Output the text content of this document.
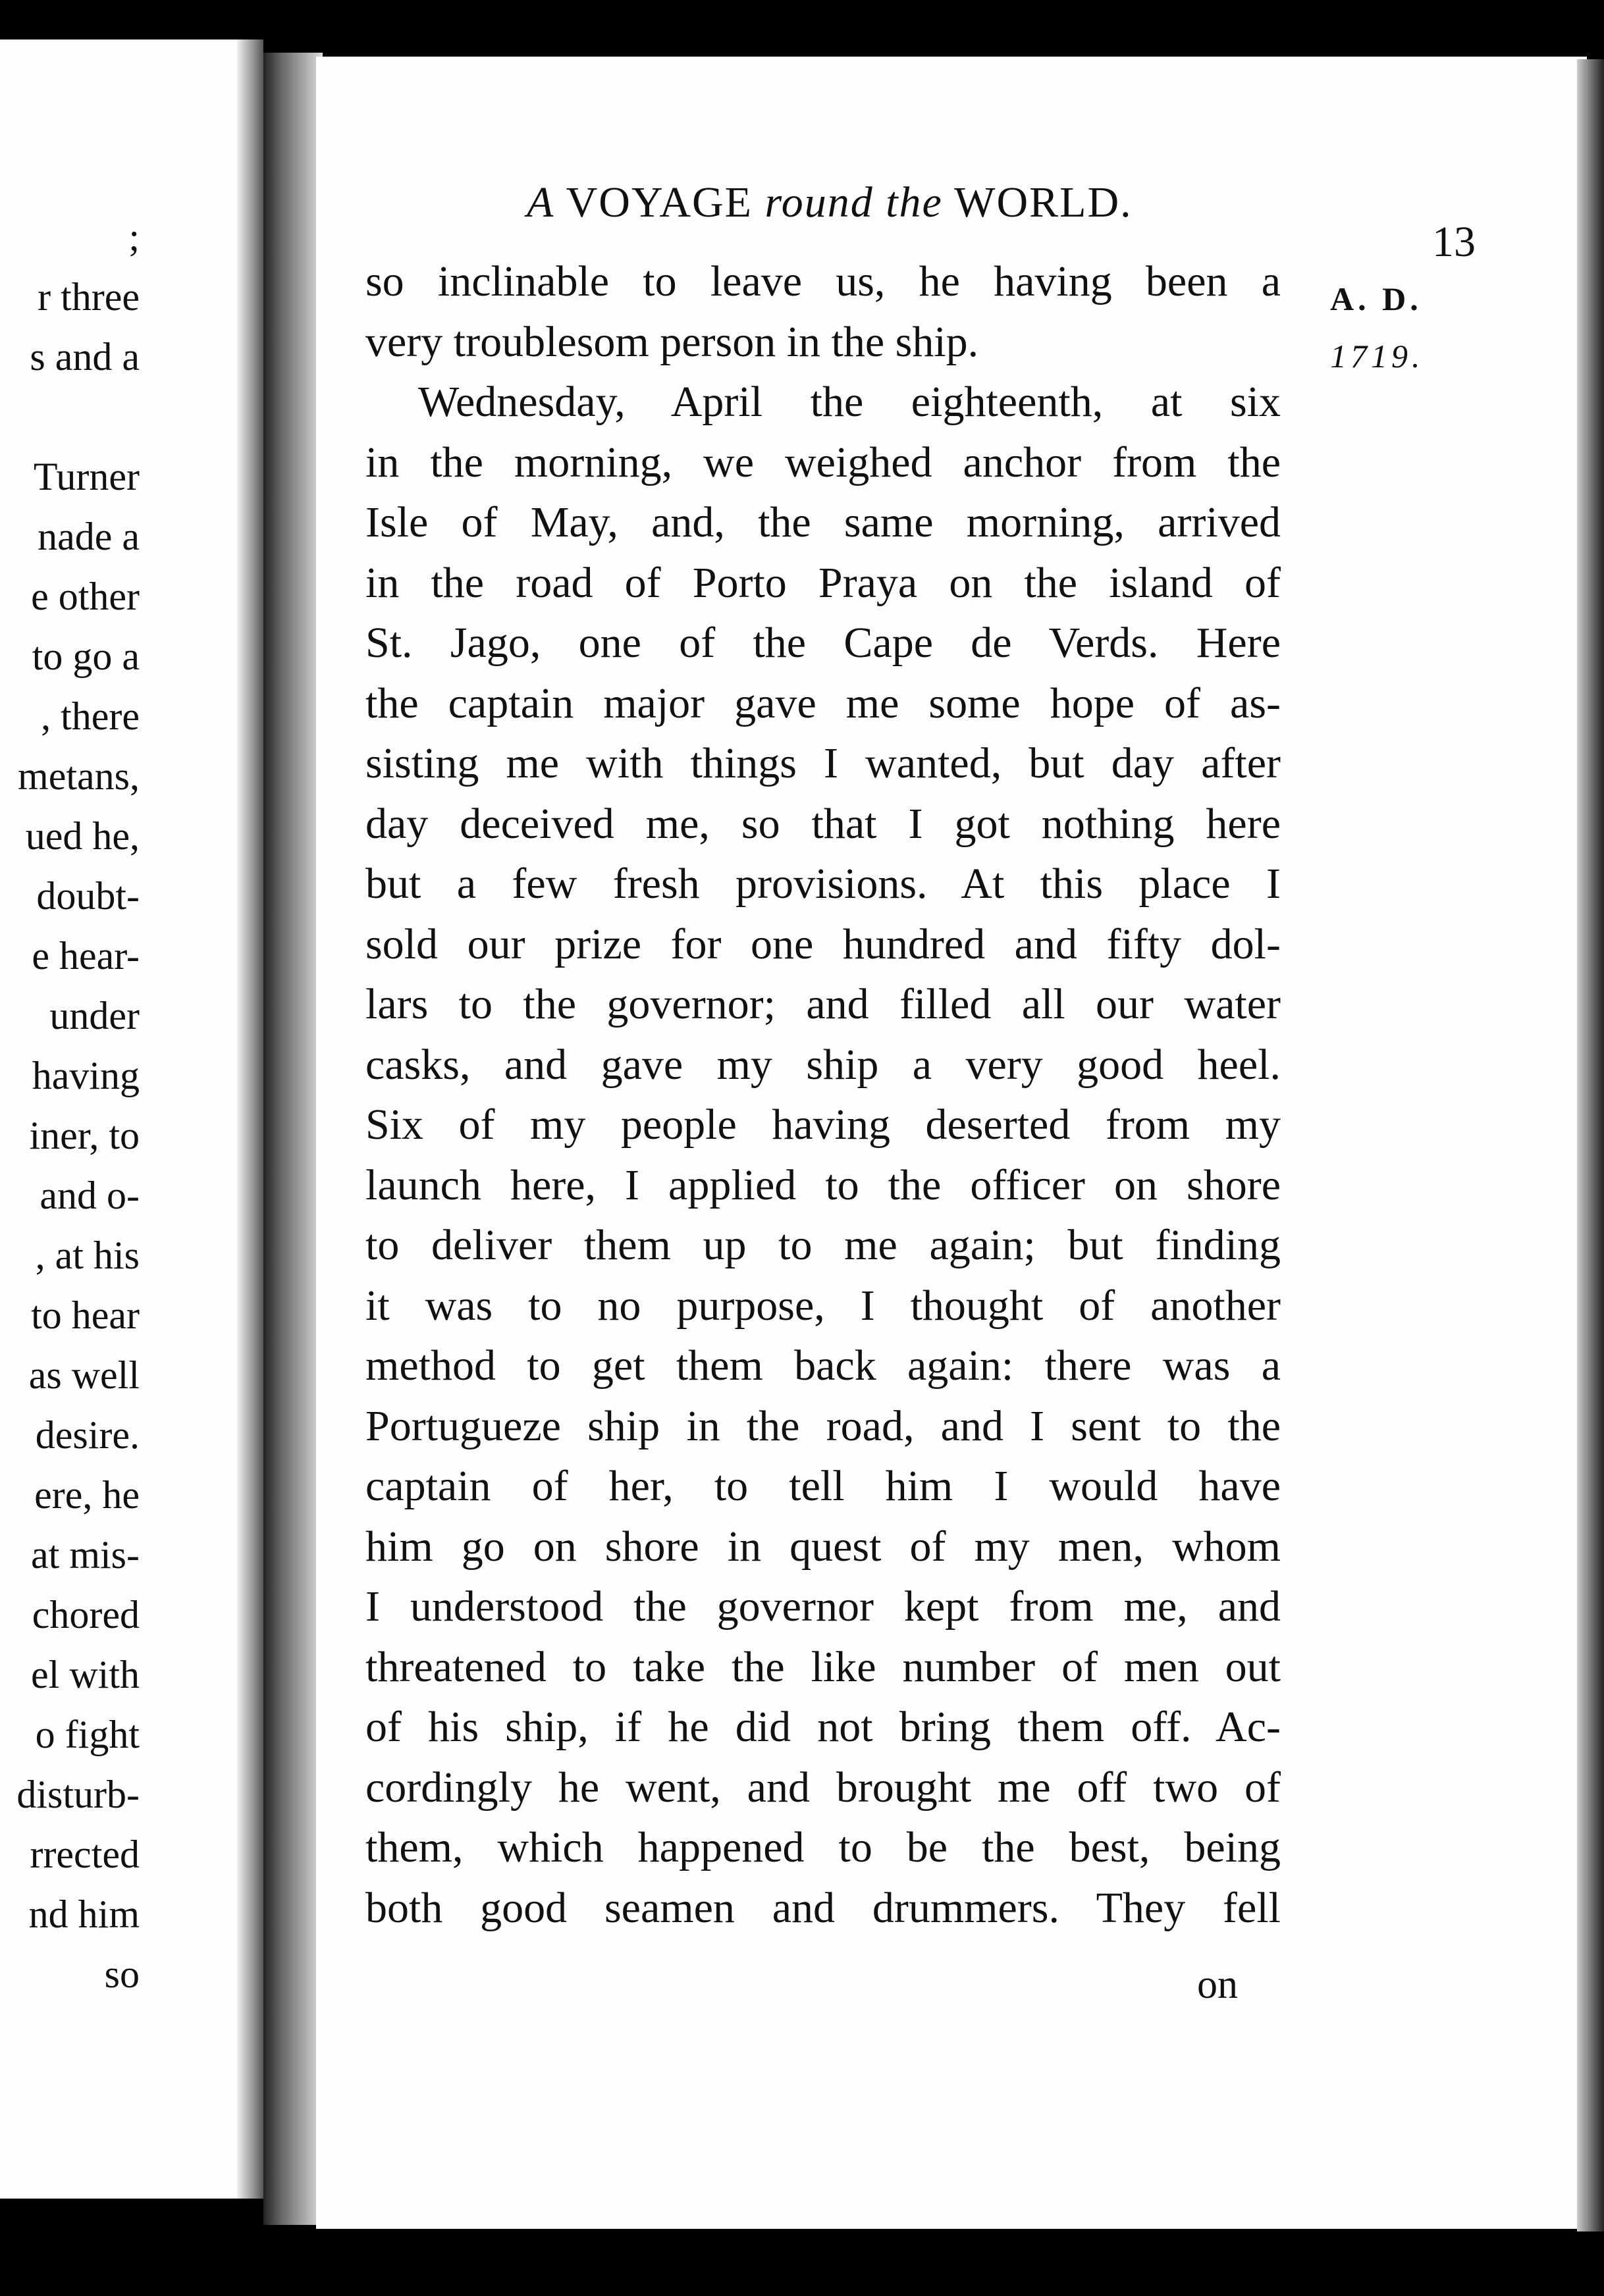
;
r three
s and a
Turner
nade a
e other
to go a
, there
metans,
ued he,
doubt-
e hear-
under
having
iner, to
and o-
, at his
to hear
as well
desire.
ere, he
at mis-
chored
el with
o fight
disturb-
rrected
nd him
so
A VOYAGE round the WORLD.
13
A. D.
1719.
so inclinable to leave us, he having been a
very troublesom person in the ship.
Wednesday, April the eighteenth, at six
in the morning, we weighed anchor from the
Isle of May, and, the same morning, arrived
in the road of Porto Praya on the island of
St. Jago, one of the Cape de Verds. Here
the captain major gave me some hope of as-
sisting me with things I wanted, but day after
day deceived me, so that I got nothing here
but a few fresh provisions. At this place I
sold our prize for one hundred and fifty dol-
lars to the governor; and filled all our water
casks, and gave my ship a very good heel.
Six of my people having deserted from my
launch here, I applied to the officer on shore
to deliver them up to me again; but finding
it was to no purpose, I thought of another
method to get them back again: there was a
Portugueze ship in the road, and I sent to the
captain of her, to tell him I would have
him go on shore in quest of my men, whom
I understood the governor kept from me, and
threatened to take the like number of men out
of his ship, if he did not bring them off. Ac-
cordingly he went, and brought me off two of
them, which happened to be the best, being
both good seamen and drummers. They fell
on
